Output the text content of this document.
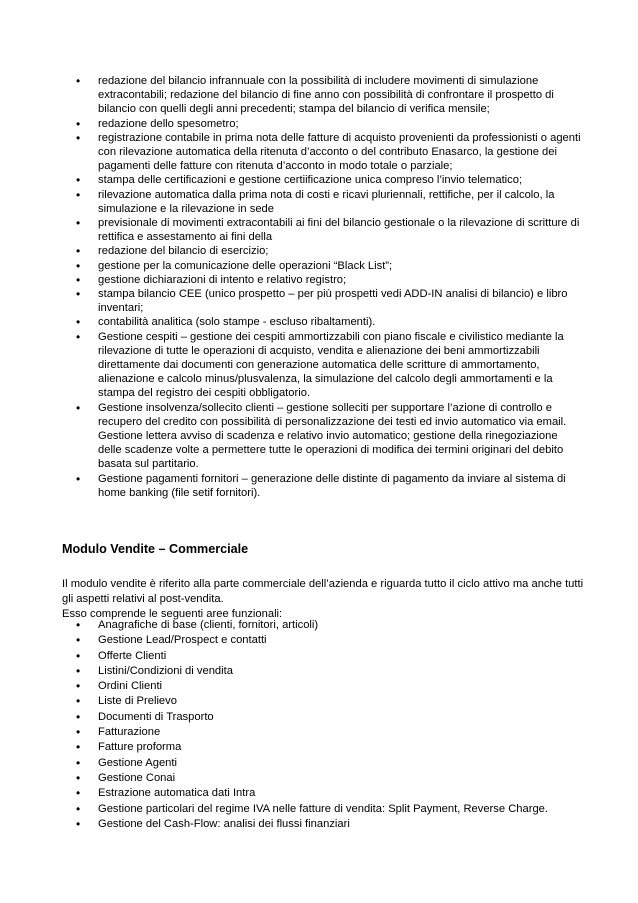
• redazione del bilancio infrannuale con la possibilità di includere movimenti di simulazione extracontabili; redazione del bilancio di fine anno con possibilità di confrontare il prospetto di bilancio con quelli degli anni precedenti; stampa del bilancio di verifica mensile;
• redazione dello spesometro;
• registrazione contabile in prima nota delle fatture di acquisto provenienti da professionisti o agenti con rilevazione automatica della ritenuta d’acconto o del contributo Enasarco, la gestione dei pagamenti delle fatture con ritenuta d’acconto in modo totale o parziale;
• stampa delle certificazioni e gestione certiificazione unica compreso l’invio telematico;
• rilevazione automatica dalla prima nota di costi e ricavi pluriennali, rettifiche, per il calcolo, la simulazione e la rilevazione in sede
• previsionale di movimenti extracontabili ai fini del bilancio gestionale o la rilevazione di scritture di rettifica e assestamento ai fini della
• redazione del bilancio di esercizio;
• gestione per la comunicazione delle operazioni “Black List”;
• gestione dichiarazioni di intento e relativo registro;
• stampa bilancio CEE (unico prospetto – per più prospetti vedi ADD-IN analisi di bilancio) e libro inventari;
• contabilità analitica (solo stampe - escluso ribaltamenti).
• Gestione cespiti – gestione dei cespiti ammortizzabili con piano fiscale e civilistico mediante la rilevazione di tutte le operazioni di acquisto, vendita e alienazione dei beni ammortizzabili direttamente dai documenti con generazione automatica delle scritture di ammortamento, alienazione e calcolo minus/plusvalenza, la simulazione del calcolo degli ammortamenti e la stampa del registro dei cespiti obbligatorio.
• Gestione insolvenza/sollecito clienti – gestione solleciti per supportare l’azione di controllo e recupero del credito con possibilità di personalizzazione dei testi ed invio automatico via email. Gestione lettera avviso di scadenza e relativo invio automatico; gestione della rinegoziazione delle scadenze volte a permettere tutte le operazioni di modifica dei termini originari del debito basata sul partitario.
• Gestione pagamenti fornitori – generazione delle distinte di pagamento da inviare al sistema di home banking (file setif fornitori).
Modulo Vendite – Commerciale
Il modulo vendite è riferito alla parte commerciale dell’azienda e riguarda tutto il ciclo attivo ma anche tutti gli aspetti relativi al post-vendita.
Esso comprende le seguenti aree funzionali:
• Anagrafiche di base (clienti, fornitori, articoli)
• Gestione Lead/Prospect e contatti
• Offerte Clienti
• Listini/Condizioni di vendita
• Ordini Clienti
• Liste di Prelievo
• Documenti di Trasporto
• Fatturazione
• Fatture proforma
• Gestione Agenti
• Gestione Conai
• Estrazione automatica dati Intra
• Gestione particolari del regime IVA nelle fatture di vendita: Split Payment, Reverse Charge.
• Gestione del Cash-Flow: analisi dei flussi finanziari
